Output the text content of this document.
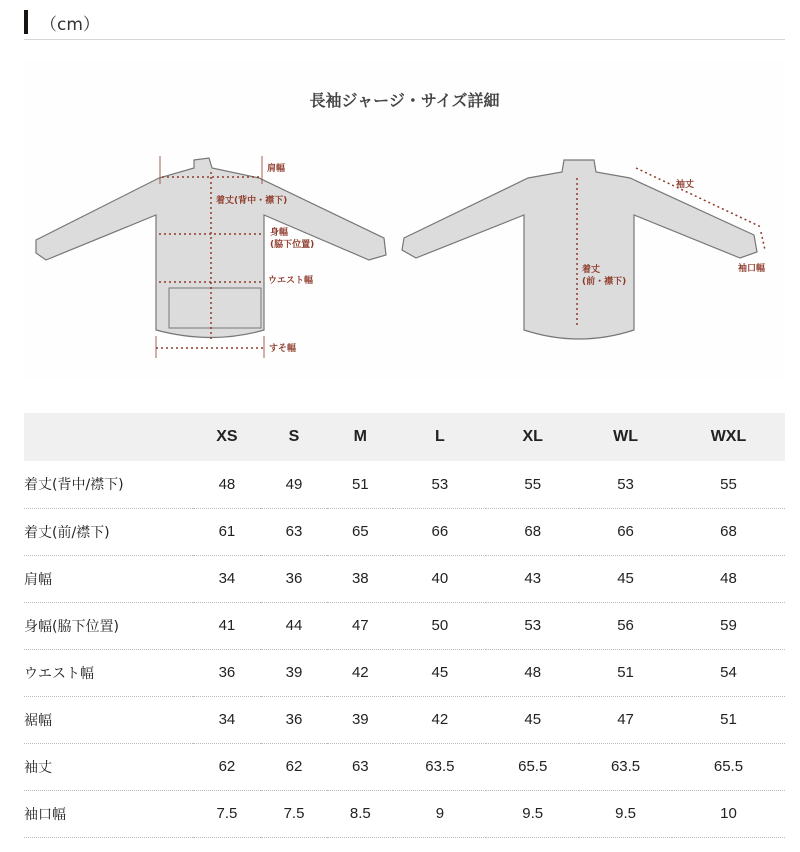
（cm）
長袖ジャージ・サイズ詳細
肩幅
着丈(背中・襟下)
身幅
(脇下位置)
ウエスト幅
すそ幅
袖丈
袖口幅
着丈
(前・襟下)
	XS	S	M	L	XL	WL	WXL
着丈(背中/襟下)	48	49	51	53	55	53	55
着丈(前/襟下)	61	63	65	66	68	66	68
肩幅	34	36	38	40	43	45	48
身幅(脇下位置)	41	44	47	50	53	56	59
ウエスト幅	36	39	42	45	48	51	54
裾幅	34	36	39	42	45	47	51
袖丈	62	62	63	63.5	65.5	63.5	65.5
袖口幅	7.5	7.5	8.5	9	9.5	9.5	10
